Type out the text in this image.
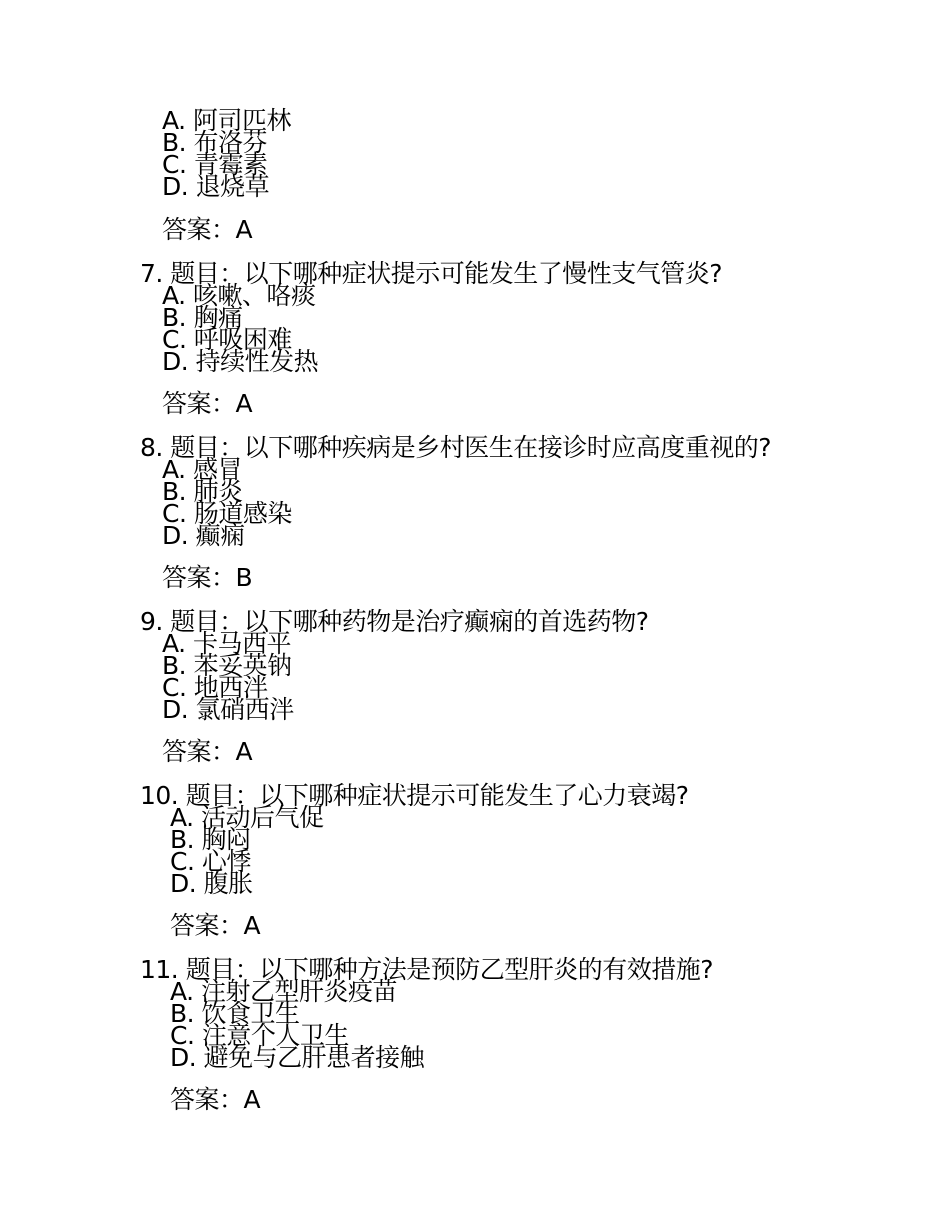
A. 阿司匹林
B. 布洛芬
C. 青霉素
D. 退烧草
答案：A
7. 题目：以下哪种症状提示可能发生了慢性支气管炎?
A. 咳嗽、咯痰
B. 胸痛
C. 呼吸困难
D. 持续性发热
答案：A
8. 题目：以下哪种疾病是乡村医生在接诊时应高度重视的?
A. 感冒
B. 肺炎
C. 肠道感染
D. 癫痫
答案：B
9. 题目：以下哪种药物是治疗癫痫的首选药物?
A. 卡马西平
B. 苯妥英钠
C. 地西泮
D. 氯硝西泮
答案：A
10. 题目：以下哪种症状提示可能发生了心力衰竭?
A. 活动后气促
B. 胸闷
C. 心悸
D. 腹胀
答案：A
11. 题目：以下哪种方法是预防乙型肝炎的有效措施?
A. 注射乙型肝炎疫苗
B. 饮食卫生
C. 注意个人卫生
D. 避免与乙肝患者接触
答案：A
